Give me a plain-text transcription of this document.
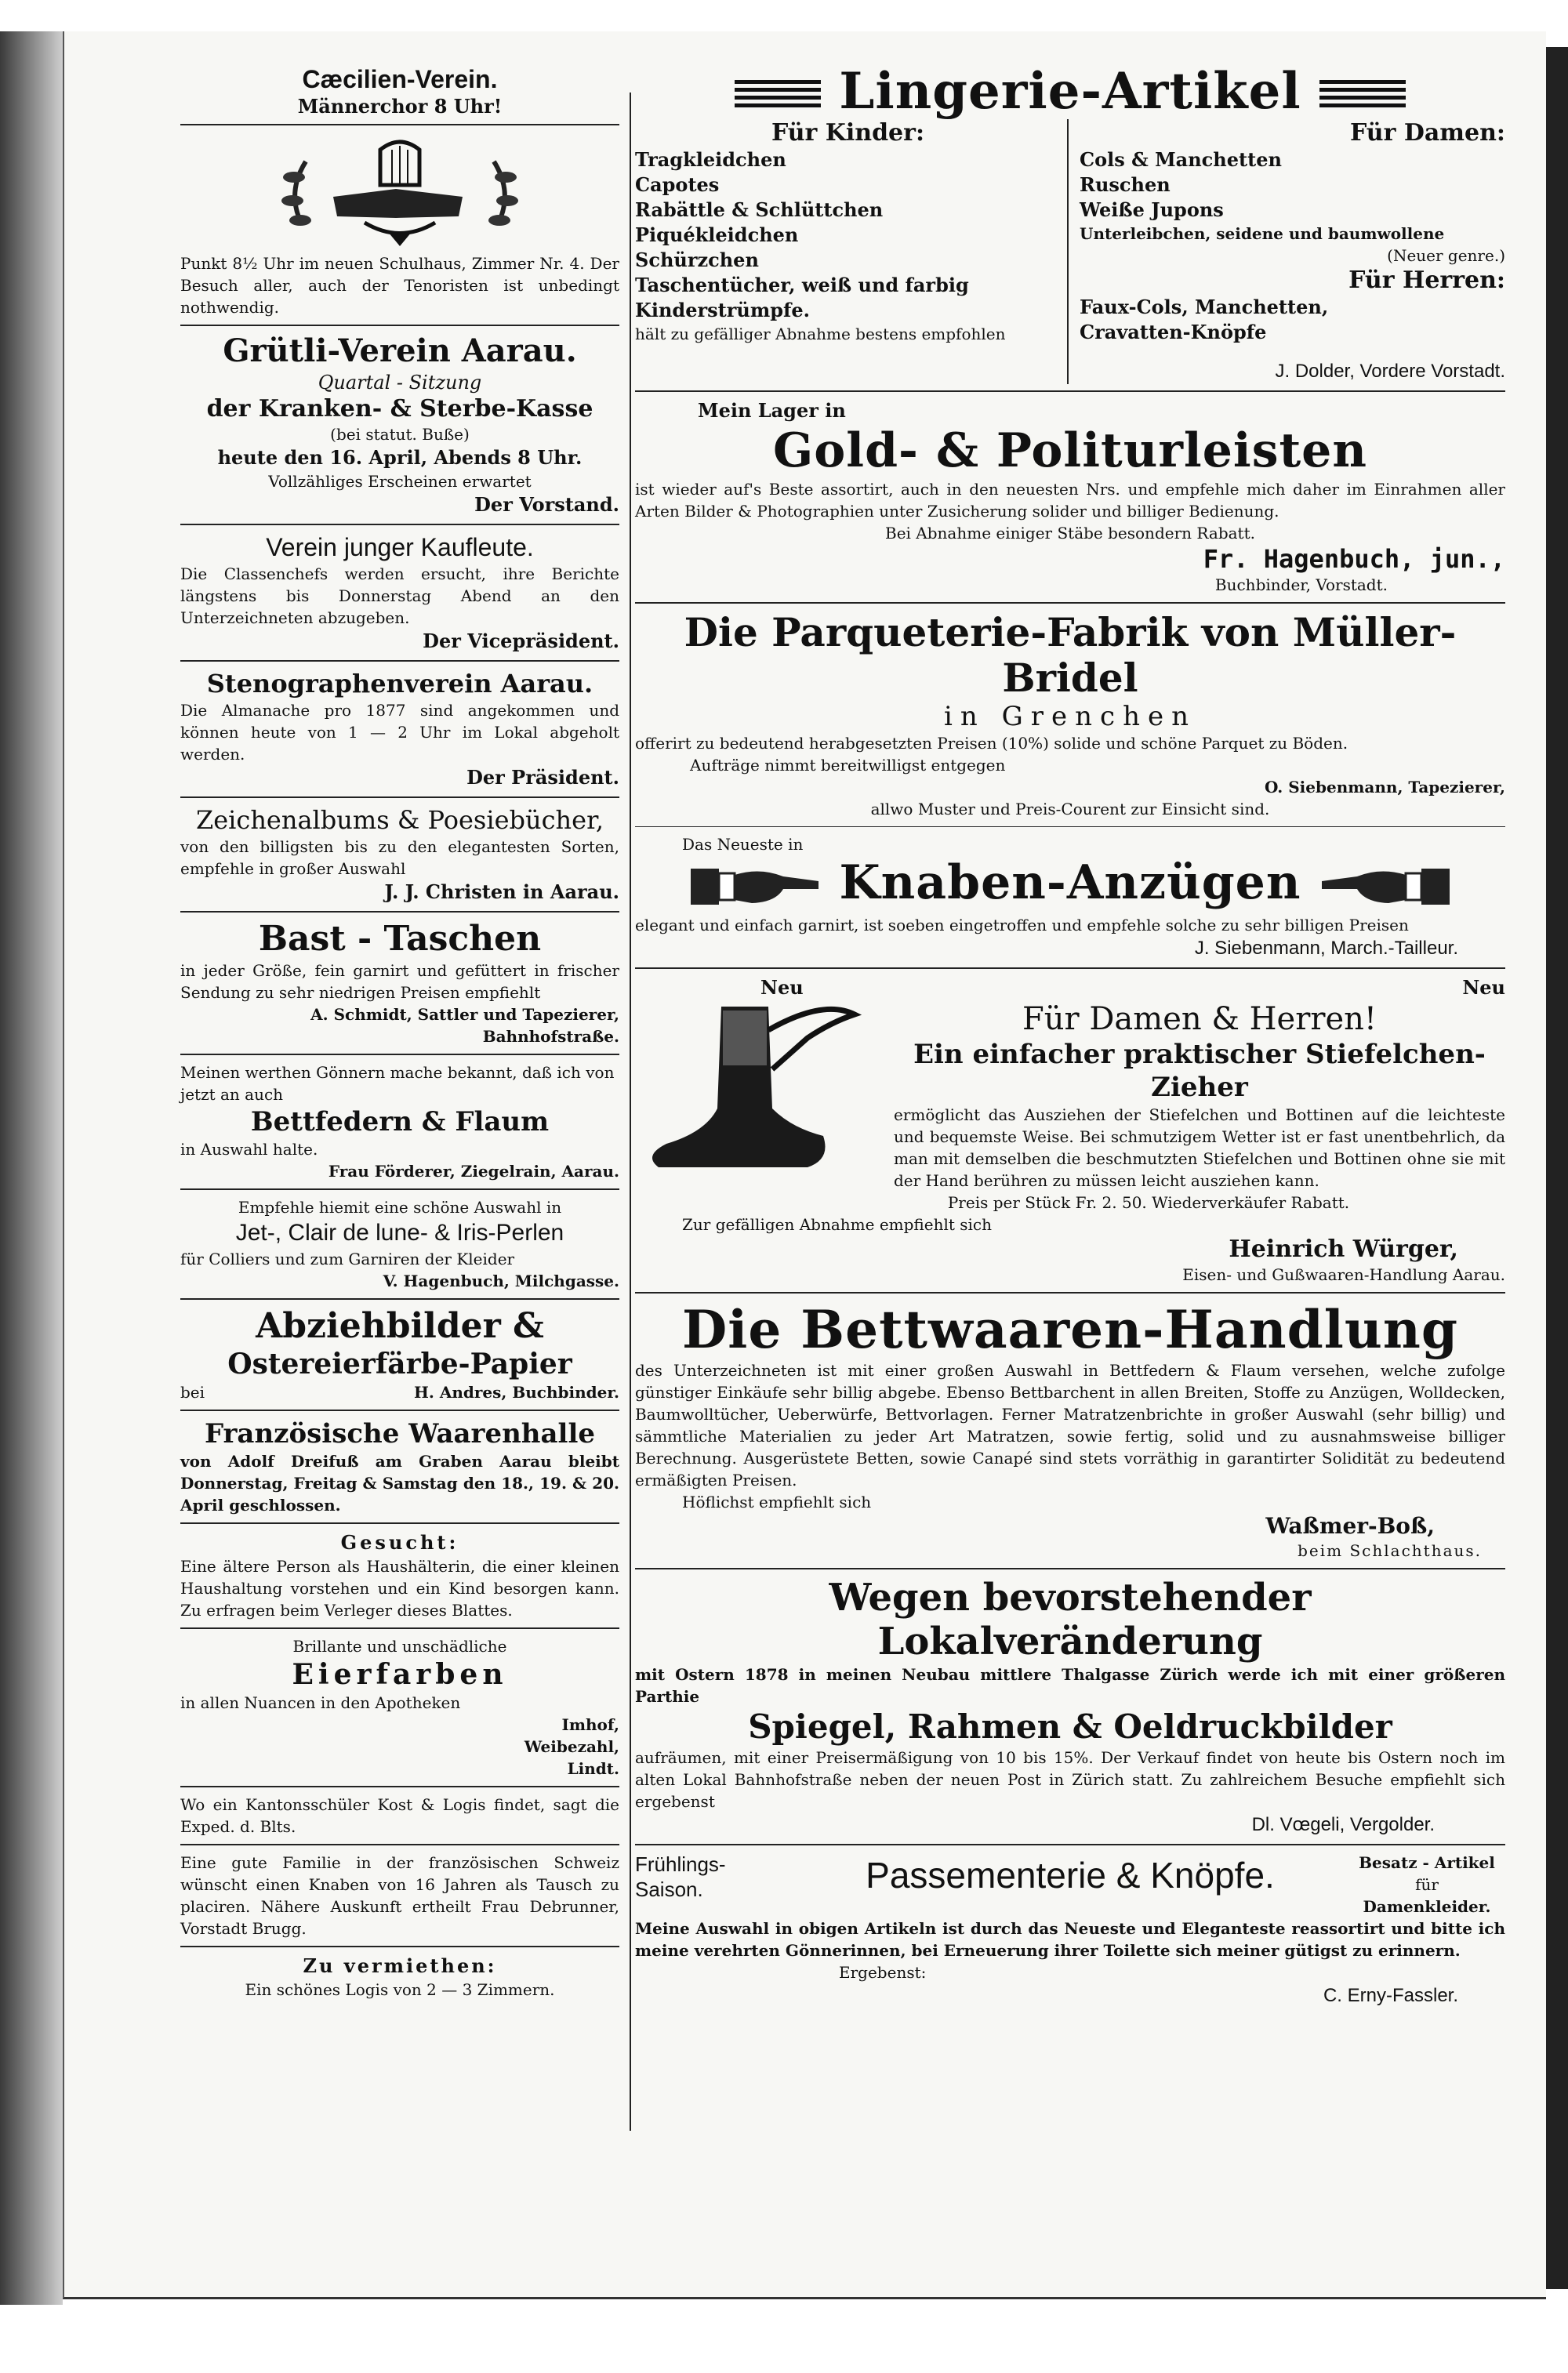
Cæcilien-Verein.

Männerchor 8 Uhr!

Punkt 8½ Uhr im neuen Schulhaus, Zimmer Nr. 4. Der Besuch aller, auch der Tenoristen ist unbedingt nothwendig.

Grütli-Verein Aarau.

Quartal - Sitzung

der Kranken- & Sterbe-Kasse

(bei statut. Buße)

heute den 16. April, Abends 8 Uhr.

Vollzähliges Erscheinen erwartet

Der Vorstand.

Verein junger Kaufleute.

Die Classenchefs werden ersucht, ihre Berichte längstens bis Donnerstag Abend an den Unterzeichneten abzugeben.

Der Vicepräsident.

Stenographenverein Aarau.

Die Almanache pro 1877 sind angekommen und können heute von 1 — 2 Uhr im Lokal abgeholt werden.

Der Präsident.

Zeichenalbums & Poesiebücher,

von den billigsten bis zu den elegantesten Sorten, empfehle in großer Auswahl

J. J. Christen in Aarau.

Bast - Taschen

in jeder Größe, fein garnirt und gefüttert in frischer Sendung zu sehr niedrigen Preisen empfiehlt

A. Schmidt, Sattler und Tapezierer, Bahnhofstraße.

Meinen werthen Gönnern mache bekannt, daß ich von jetzt an auch

Bettfedern & Flaum

in Auswahl halte.

Frau Förderer, Ziegelrain, Aarau.

Empfehle hiemit eine schöne Auswahl in

Jet-, Clair de lune- & Iris-Perlen

für Colliers und zum Garniren der Kleider

V. Hagenbuch, Milchgasse.

Abziehbilder &

Ostereierfärbe-Papier

bei	H. Andres, Buchbinder.

Französische Waarenhalle

von Adolf Dreifuß am Graben Aarau bleibt Donnerstag, Freitag & Samstag den 18., 19. & 20. April geschlossen.

Gesucht:

Eine ältere Person als Haushälterin, die einer kleinen Haushaltung vorstehen und ein Kind besorgen kann. Zu erfragen beim Verleger dieses Blattes.

Brillante und unschädliche

Eierfarben

in allen Nuancen in den Apotheken

Imhof,

Weibezahl,

Lindt.

Wo ein Kantonsschüler Kost & Logis findet, sagt die Exped. d. Blts.

Eine gute Familie in der französischen Schweiz wünscht einen Knaben von 16 Jahren als Tausch zu placiren. Nähere Auskunft ertheilt Frau Debrunner, Vorstadt Brugg.

Zu vermiethen:

Ein schönes Logis von 2 — 3 Zimmern.

Lingerie-Artikel

Für Kinder:

Tragkleidchen

Capotes

Rabättle & Schlüttchen

Piquékleidchen

Schürzchen

Taschentücher, weiß und farbig

Kinderstrümpfe.

hält zu gefälliger Abnahme bestens empfohlen

Für Damen:

Cols & Manchetten

Ruschen

Weiße Jupons

Unterleibchen, seidene und baumwollene

(Neuer genre.)

Für Herren:

Faux-Cols, Manchetten,

Cravatten-Knöpfe

J. Dolder, Vordere Vorstadt.

Mein Lager in

Gold- & Politurleisten

ist wieder auf's Beste assortirt, auch in den neuesten Nrs. und empfehle mich daher im Einrahmen aller Arten Bilder & Photographien unter Zusicherung solider und billiger Bedienung.

Bei Abnahme einiger Stäbe besondern Rabatt.

Fr. Hagenbuch, jun.,

Buchbinder, Vorstadt.

Die Parqueterie-Fabrik von Müller-Bridel

in Grenchen

offerirt zu bedeutend herabgesetzten Preisen (10%) solide und schöne Parquet zu Böden.

Aufträge nimmt bereitwilligst entgegen

O. Siebenmann, Tapezierer,

allwo Muster und Preis-Courent zur Einsicht sind.

Das Neueste in

Knaben-Anzügen

elegant und einfach garnirt, ist soeben eingetroffen und empfehle solche zu sehr billigen Preisen

J. Siebenmann, March.-Tailleur.

Neu	Neu

Für Damen & Herren!

Ein einfacher praktischer Stiefelchen-Zieher

ermöglicht das Ausziehen der Stiefelchen und Bottinen auf die leichteste und bequemste Weise. Bei schmutzigem Wetter ist er fast unentbehrlich, da man mit demselben die beschmutzten Stiefelchen und Bottinen ohne sie mit der Hand berühren zu müssen leicht ausziehen kann.

Preis per Stück Fr. 2. 50. Wiederverkäufer Rabatt.

Zur gefälligen Abnahme empfiehlt sich

Heinrich Würger,

Eisen- und Gußwaaren-Handlung Aarau.

Die Bettwaaren-Handlung

des Unterzeichneten ist mit einer großen Auswahl in Bettfedern & Flaum versehen, welche zufolge günstiger Einkäufe sehr billig abgebe. Ebenso Bettbarchent in allen Breiten, Stoffe zu Anzügen, Wolldecken, Baumwolltücher, Ueberwürfe, Bettvorlagen. Ferner Matratzenbrichte in großer Auswahl (sehr billig) und sämmtliche Materialien zu jeder Art Matratzen, sowie fertig, solid und zu ausnahmsweise billiger Berechnung. Ausgerüstete Betten, sowie Canapé sind stets vorräthig in garantirter Solidität zu bedeutend ermäßigten Preisen.

Höflichst empfiehlt sich

Waßmer-Boß,

beim Schlachthaus.

Wegen bevorstehender Lokalveränderung

mit Ostern 1878 in meinen Neubau mittlere Thalgasse Zürich werde ich mit einer größeren Parthie

Spiegel, Rahmen & Oeldruckbilder

aufräumen, mit einer Preisermäßigung von 10 bis 15%. Der Verkauf findet von heute bis Ostern noch im alten Lokal Bahnhofstraße neben der neuen Post in Zürich statt. Zu zahlreichem Besuche empfiehlt sich ergebenst

Dl. Vœgeli, Vergolder.

Frühlings-

Saison.	Passementerie & Knöpfe.	Besatz - Artikel

für

Damenkleider.

Meine Auswahl in obigen Artikeln ist durch das Neueste und Eleganteste reassortirt und bitte ich meine verehrten Gönnerinnen, bei Erneuerung ihrer Toilette sich meiner gütigst zu erinnern.

Ergebenst:

C. Erny-Fassler.
